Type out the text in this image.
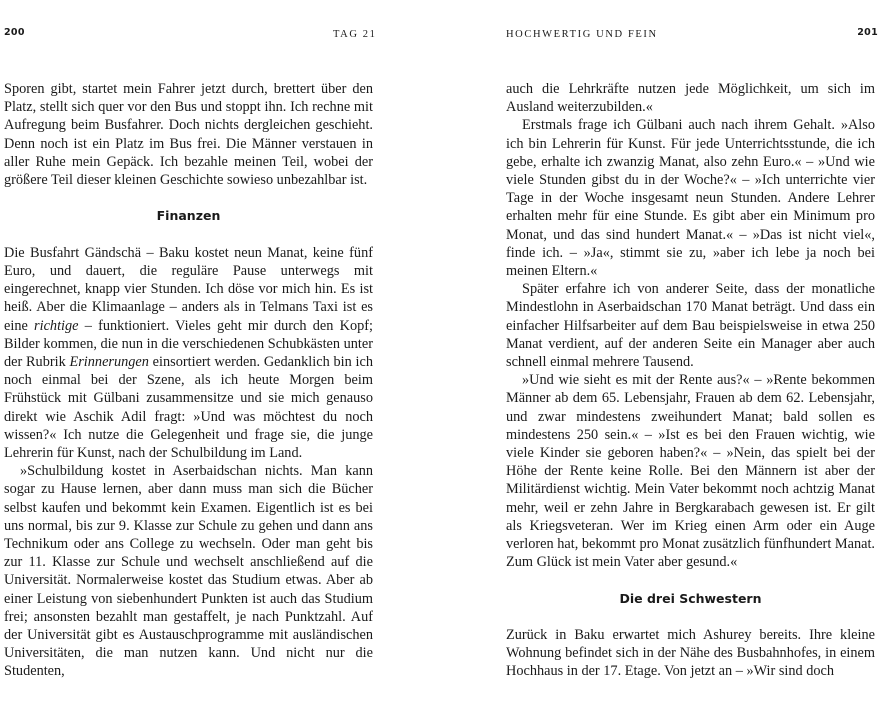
200	TAG 21

Sporen gibt, startet mein Fahrer jetzt durch, brettert über den Platz, stellt sich quer vor den Bus und stoppt ihn. Ich rechne mit Aufregung beim Busfahrer. Doch nichts dergleichen geschieht. Denn noch ist ein Platz im Bus frei. Die Männer verstauen in aller Ruhe mein Gepäck. Ich bezahle meinen Teil, wobei der größere Teil dieser kleinen Geschichte sowieso unbezahlbar ist.

Finanzen

Die Busfahrt Gändschä – Baku kostet neun Manat, keine fünf Euro, und dauert, die reguläre Pause unterwegs mit eingerechnet, knapp vier Stunden. Ich döse vor mich hin. Es ist heiß. Aber die Klimaanlage – anders als in Telmans Taxi ist es eine richtige – funktioniert. Vieles geht mir durch den Kopf; Bilder kommen, die nun in die verschiedenen Schubkästen unter der Rubrik Erinnerungen einsortiert werden. Gedanklich bin ich noch einmal bei der Szene, als ich heute Morgen beim Frühstück mit Gülbani zusammensitze und sie mich genauso direkt wie Aschik Adil fragt: »Und was möchtest du noch wissen?« Ich nutze die Gelegenheit und frage sie, die junge Lehrerin für Kunst, nach der Schulbildung im Land.

»Schulbildung kostet in Aserbaidschan nichts. Man kann sogar zu Hause lernen, aber dann muss man sich die Bücher selbst kaufen und bekommt kein Examen. Eigentlich ist es bei uns normal, bis zur 9. Klasse zur Schule zu gehen und dann ans Technikum oder ans College zu wechseln. Oder man geht bis zur 11. Klasse zur Schule und wechselt anschließend auf die Universität. Normalerweise kostet das Studium etwas. Aber ab einer Leistung von siebenhundert Punkten ist auch das Studium frei; ansonsten bezahlt man gestaffelt, je nach Punktzahl. Auf der Universität gibt es Austauschprogramme mit ausländischen Universitäten, die man nutzen kann. Und nicht nur die Studenten,

HOCHWERTIG UND FEIN	201

auch die Lehrkräfte nutzen jede Möglichkeit, um sich im Ausland weiterzubilden.«

Erstmals frage ich Gülbani auch nach ihrem Gehalt. »Also ich bin Lehrerin für Kunst. Für jede Unterrichtsstunde, die ich gebe, erhalte ich zwanzig Manat, also zehn Euro.« – »Und wie viele Stunden gibst du in der Woche?« – »Ich unterrichte vier Tage in der Woche insgesamt neun Stunden. Andere Lehrer erhalten mehr für eine Stunde. Es gibt aber ein Minimum pro Monat, und das sind hundert Manat.« – »Das ist nicht viel«, finde ich. – »Ja«, stimmt sie zu, »aber ich lebe ja noch bei meinen Eltern.«

Später erfahre ich von anderer Seite, dass der monatliche Mindestlohn in Aserbaidschan 170 Manat beträgt. Und dass ein einfacher Hilfsarbeiter auf dem Bau beispielsweise in etwa 250 Manat verdient, auf der anderen Seite ein Manager aber auch schnell einmal mehrere Tausend.

»Und wie sieht es mit der Rente aus?« – »Rente bekommen Männer ab dem 65. Lebensjahr, Frauen ab dem 62. Lebensjahr, und zwar mindestens zweihundert Manat; bald sollen es mindestens 250 sein.« – »Ist es bei den Frauen wichtig, wie viele Kinder sie geboren haben?« – »Nein, das spielt bei der Höhe der Rente keine Rolle. Bei den Männern ist aber der Militärdienst wichtig. Mein Vater bekommt noch achtzig Manat mehr, weil er zehn Jahre in Bergkarabach gewesen ist. Er gilt als Kriegsveteran. Wer im Krieg einen Arm oder ein Auge verloren hat, bekommt pro Monat zusätzlich fünfhundert Manat. Zum Glück ist mein Vater aber gesund.«

Die drei Schwestern

Zurück in Baku erwartet mich Ashurey bereits. Ihre kleine Wohnung befindet sich in der Nähe des Busbahnhofes, in einem Hochhaus in der 17. Etage. Von jetzt an – »Wir sind doch
